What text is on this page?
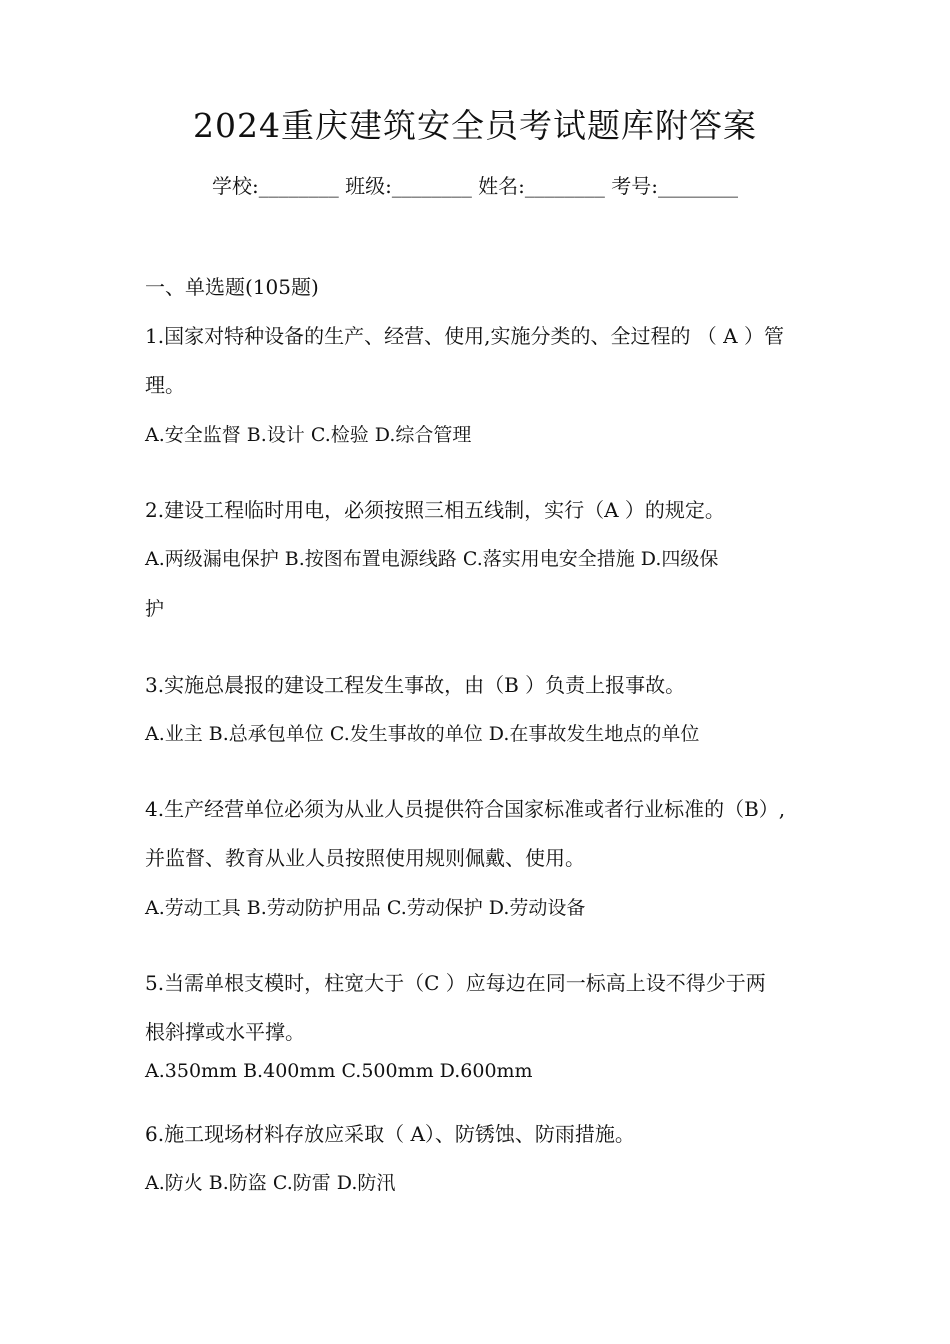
2024重庆建筑安全员考试题库附答案
学校:________ 班级:________ 姓名:________ 考号:________
一、单选题(105题)
1.国家对特种设备的生产、经营、使用,实施分类的、全过程的 （ A ）管
理。
A.安全监督 B.设计 C.检验 D.综合管理
2.建设工程临时用电，必须按照三相五线制，实行（A ）的规定。
A.两级漏电保护 B.按图布置电源线路 C.落实用电安全措施 D.四级保
护
3.实施总晨报的建设工程发生事故，由（B ）负责上报事故。
A.业主 B.总承包单位 C.发生事故的单位 D.在事故发生地点的单位
4.生产经营单位必须为从业人员提供符合国家标准或者行业标准的（B）,
并监督、教育从业人员按照使用规则佩戴、使用。
A.劳动工具 B.劳动防护用品 C.劳动保护 D.劳动设备
5.当需单根支模时，柱宽大于（C ）应每边在同一标高上设不得少于两
根斜撑或水平撑。
A.350mm B.400mm C.500mm D.600mm
6.施工现场材料存放应采取（ A）、防锈蚀、防雨措施。
A.防火 B.防盗 C.防雷 D.防汛
